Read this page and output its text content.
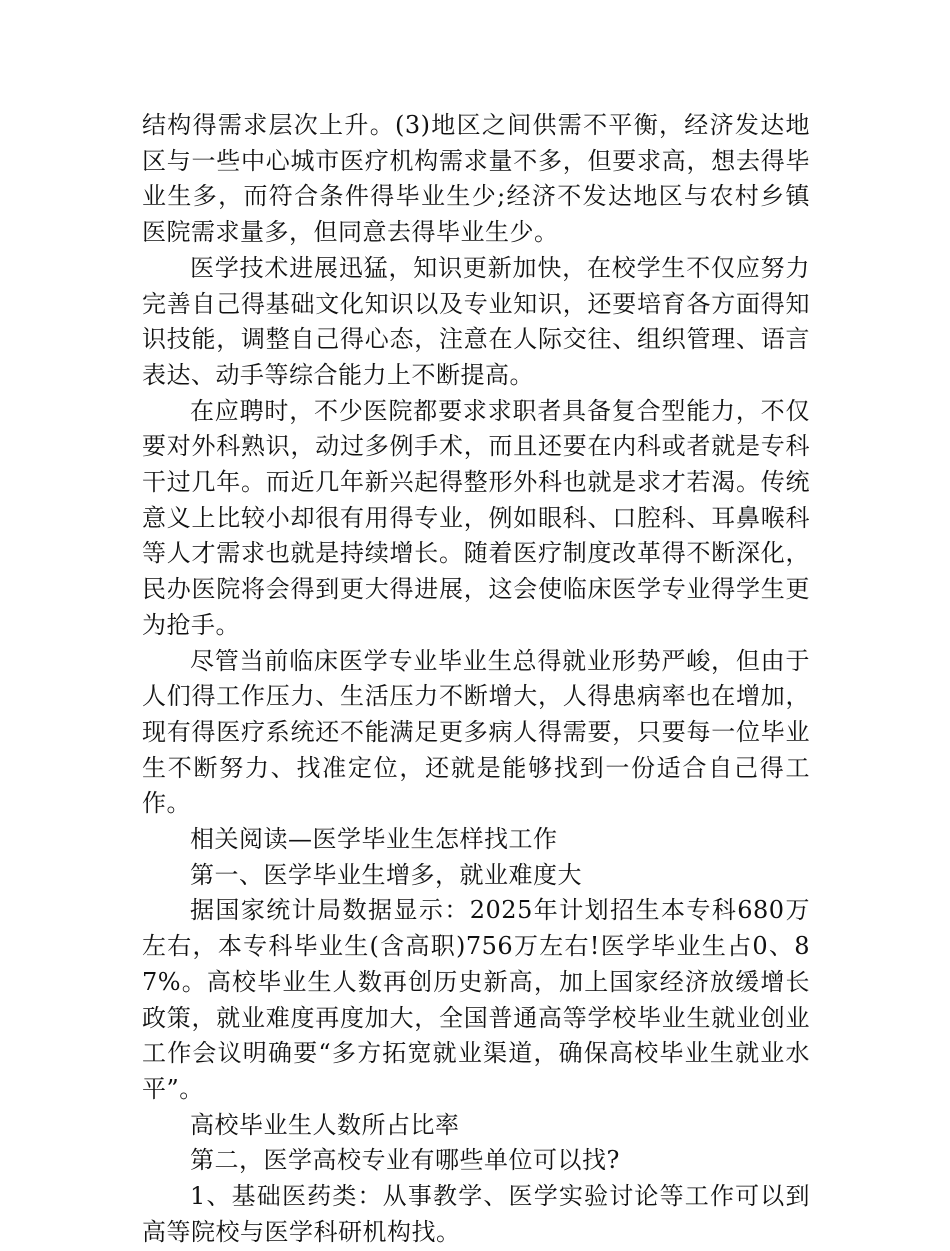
结构得需求层次上升。(3)地区之间供需不平衡，经济发达地区与一些中心城市医疗机构需求量不多，但要求高，想去得毕业生多，而符合条件得毕业生少;经济不发达地区与农村乡镇医院需求量多，但同意去得毕业生少。

医学技术进展迅猛，知识更新加快，在校学生不仅应努力完善自己得基础文化知识以及专业知识，还要培育各方面得知识技能，调整自己得心态，注意在人际交往、组织管理、语言表达、动手等综合能力上不断提高。

在应聘时，不少医院都要求求职者具备复合型能力，不仅要对外科熟识，动过多例手术，而且还要在内科或者就是专科干过几年。而近几年新兴起得整形外科也就是求才若渴。传统意义上比较小却很有用得专业，例如眼科、口腔科、耳鼻喉科等人才需求也就是持续增长。随着医疗制度改革得不断深化，民办医院将会得到更大得进展，这会使临床医学专业得学生更为抢手。

尽管当前临床医学专业毕业生总得就业形势严峻，但由于人们得工作压力、生活压力不断增大，人得患病率也在增加，现有得医疗系统还不能满足更多病人得需要，只要每一位毕业生不断努力、找准定位，还就是能够找到一份适合自己得工作。

相关阅读—医学毕业生怎样找工作

第一、医学毕业生增多，就业难度大

据国家统计局数据显示：2025年计划招生本专科680万左右，本专科毕业生(含高职)756万左右!医学毕业生占0、87%。高校毕业生人数再创历史新高，加上国家经济放缓增长政策，就业难度再度加大，全国普通高等学校毕业生就业创业工作会议明确要“多方拓宽就业渠道，确保高校毕业生就业水平”。

高校毕业生人数所占比率

第二，医学高校专业有哪些单位可以找?

1、基础医药类：从事教学、医学实验讨论等工作可以到高等院校与医学科研机构找。
